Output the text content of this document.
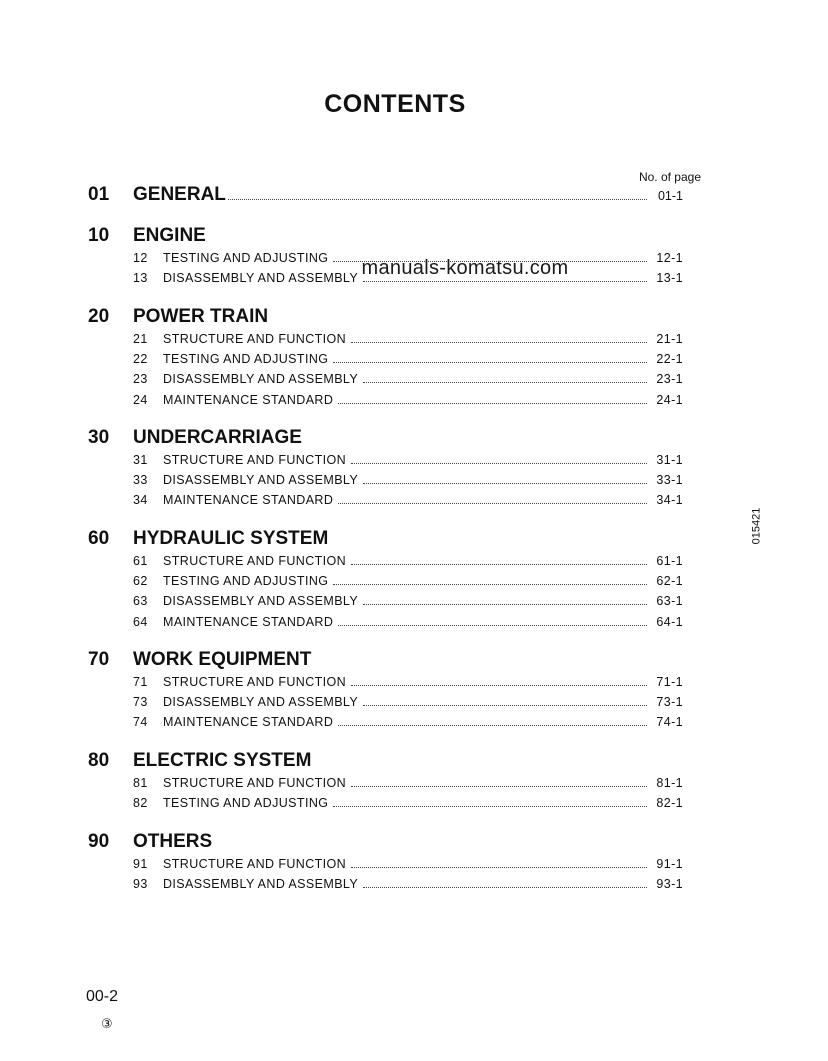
CONTENTS
No. of page
01 GENERAL	01-1
10 ENGINE
12	TESTING AND ADJUSTING	12-1
13	DISASSEMBLY AND ASSEMBLY	13-1
20 POWER TRAIN
21	STRUCTURE AND FUNCTION	21-1
22	TESTING AND ADJUSTING	22-1
23	DISASSEMBLY AND ASSEMBLY	23-1
24	MAINTENANCE STANDARD	24-1
30 UNDERCARRIAGE
31	STRUCTURE AND FUNCTION	31-1
33	DISASSEMBLY AND ASSEMBLY	33-1
34	MAINTENANCE STANDARD	34-1
60 HYDRAULIC SYSTEM
61	STRUCTURE AND FUNCTION	61-1
62	TESTING AND ADJUSTING	62-1
63	DISASSEMBLY AND ASSEMBLY	63-1
64	MAINTENANCE STANDARD	64-1
70 WORK EQUIPMENT
71	STRUCTURE AND FUNCTION	71-1
73	DISASSEMBLY AND ASSEMBLY	73-1
74	MAINTENANCE STANDARD	74-1
80 ELECTRIC SYSTEM
81	STRUCTURE AND FUNCTION	81-1
82	TESTING AND ADJUSTING	82-1
90 OTHERS
91	STRUCTURE AND FUNCTION	91-1
93	DISASSEMBLY AND ASSEMBLY	93-1
manuals-komatsu.com
015421
00-2
③
